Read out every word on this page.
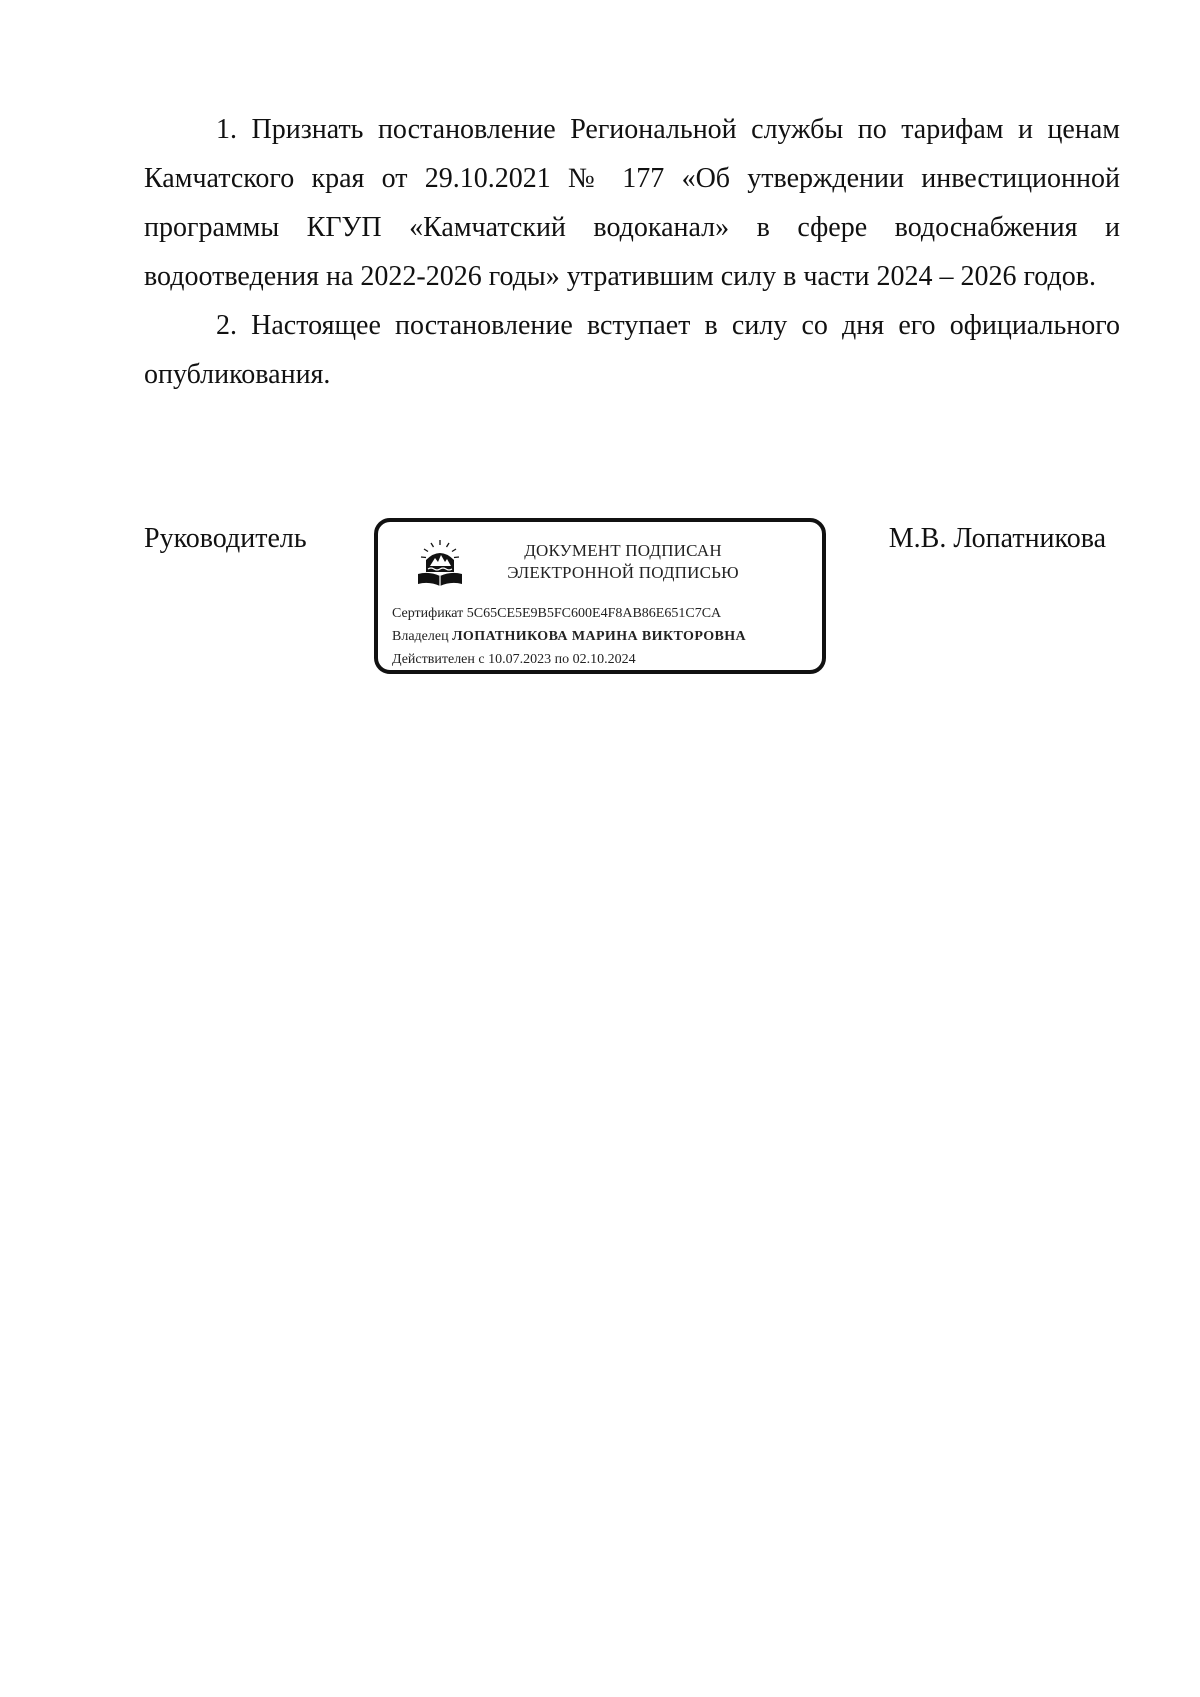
1. Признать постановление Региональной службы по тарифам и ценам Камчатского края от 29.10.2021 № 177 «Об утверждении инвестиционной программы КГУП «Камчатский водоканал» в сфере водоснабжения и водоотведения на 2022-2026 годы» утратившим силу в части 2024 – 2026 годов.

2. Настоящее постановление вступает в силу со дня его официального опубликования.

Руководитель	ДОКУМЕНТ ПОДПИСАН
ЭЛЕКТРОННОЙ ПОДПИСЬЮ
Сертификат 5C65CE5E9B5FC600E4F8AB86E651C7CA
Владелец ЛОПАТНИКОВА МАРИНА ВИКТОРОВНА
Действителен с 10.07.2023 по 02.10.2024
М.В. Лопатникова
